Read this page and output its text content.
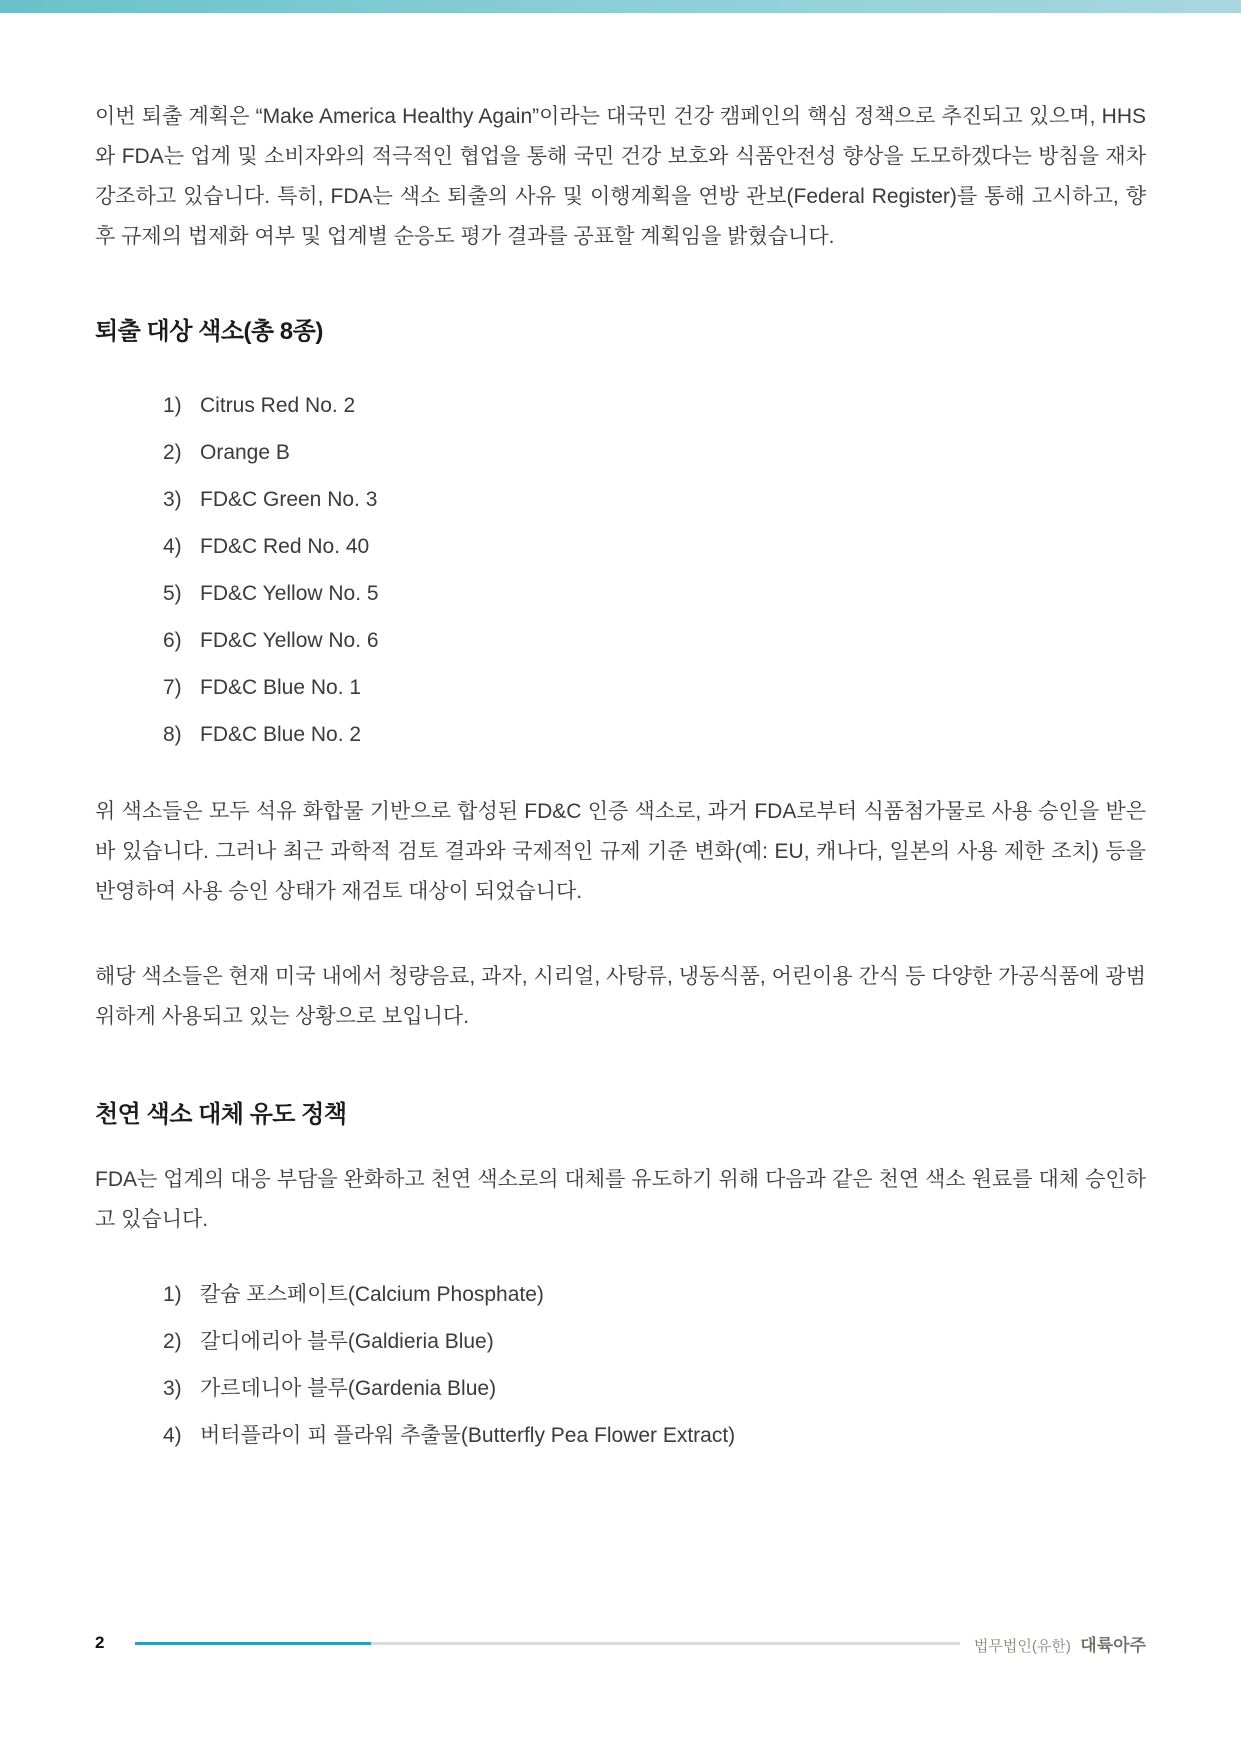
이번 퇴출 계획은 “Make America Healthy Again”이라는 대국민 건강 캠페인의 핵심 정책으로 추진되고 있으며, HHS와 FDA는 업계 및 소비자와의 적극적인 협업을 통해 국민 건강 보호와 식품안전성 향상을 도모하겠다는 방침을 재차 강조하고 있습니다. 특히, FDA는 색소 퇴출의 사유 및 이행계획을 연방 관보(Federal Register)를 통해 고시하고, 향후 규제의 법제화 여부 및 업계별 순응도 평가 결과를 공표할 계획임을 밝혔습니다.

퇴출 대상 색소(총 8종)
1) Citrus Red No. 2
2) Orange B
3) FD&C Green No. 3
4) FD&C Red No. 40
5) FD&C Yellow No. 5
6) FD&C Yellow No. 6
7) FD&C Blue No. 1
8) FD&C Blue No. 2

위 색소들은 모두 석유 화합물 기반으로 합성된 FD&C 인증 색소로, 과거 FDA로부터 식품첨가물로 사용 승인을 받은 바 있습니다. 그러나 최근 과학적 검토 결과와 국제적인 규제 기준 변화(예: EU, 캐나다, 일본의 사용 제한 조치) 등을 반영하여 사용 승인 상태가 재검토 대상이 되었습니다.

해당 색소들은 현재 미국 내에서 청량음료, 과자, 시리얼, 사탕류, 냉동식품, 어린이용 간식 등 다양한 가공식품에 광범위하게 사용되고 있는 상황으로 보입니다.

천연 색소 대체 유도 정책

FDA는 업계의 대응 부담을 완화하고 천연 색소로의 대체를 유도하기 위해 다음과 같은 천연 색소 원료를 대체 승인하고 있습니다.

1) 칼슘 포스페이트(Calcium Phosphate)
2) 갈디에리아 블루(Galdieria Blue)
3) 가르데니아 블루(Gardenia Blue)
4) 버터플라이 피 플라워 추출물(Butterfly Pea Flower Extract)
2	법무법인(유한) 대륙아주
